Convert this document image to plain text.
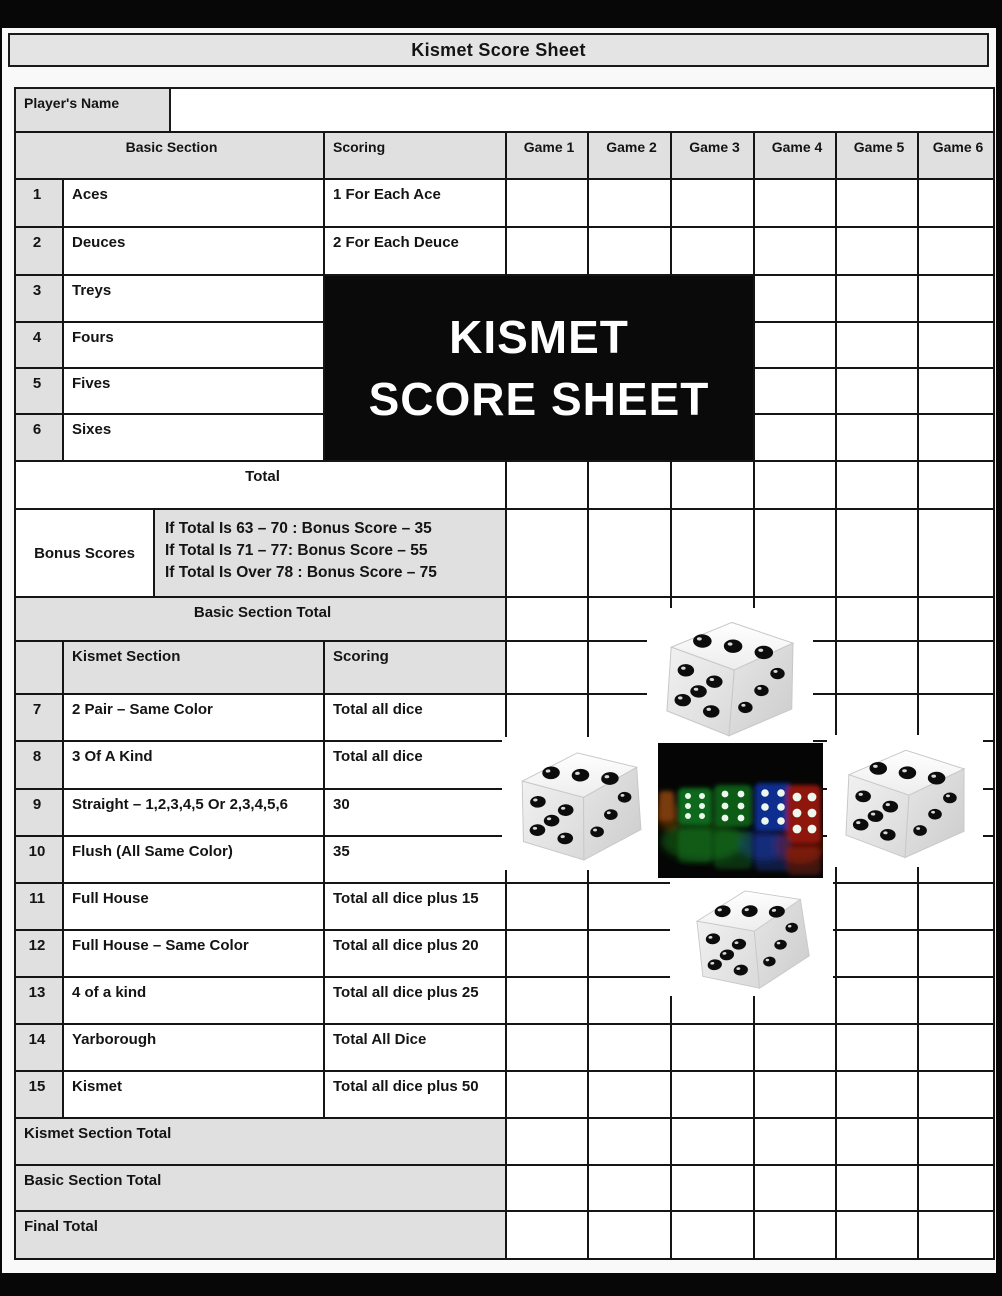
Kismet Score Sheet
Player's Name
Basic Section	Scoring	Game 1	Game 2	Game 3	Game 4	Game 5	Game 6
1	Aces	1 For Each Ace
2	Deuces	2 For Each Deuce
3	Treys
KISMET
SCORE SHEET
4	Fours
5	Fives
6	Sixes
Total
Bonus Scores
If Total Is 63 – 70 : Bonus Score – 35
If Total Is 71 – 77: Bonus Score – 55
If Total Is Over 78 : Bonus Score – 75
Basic Section Total
Kismet Section	Scoring
7	2 Pair – Same Color	Total all dice
8	3 Of A Kind	Total all dice
9	Straight – 1,2,3,4,5 Or 2,3,4,5,6	30
10	Flush (All Same Color)	35
11	Full House	Total all dice plus 15
12	Full House – Same Color	Total all dice plus 20
13	4 of a kind	Total all dice plus 25
14	Yarborough	Total All Dice
15	Kismet	Total all dice plus 50
Kismet Section Total
Basic Section Total
Final Total
